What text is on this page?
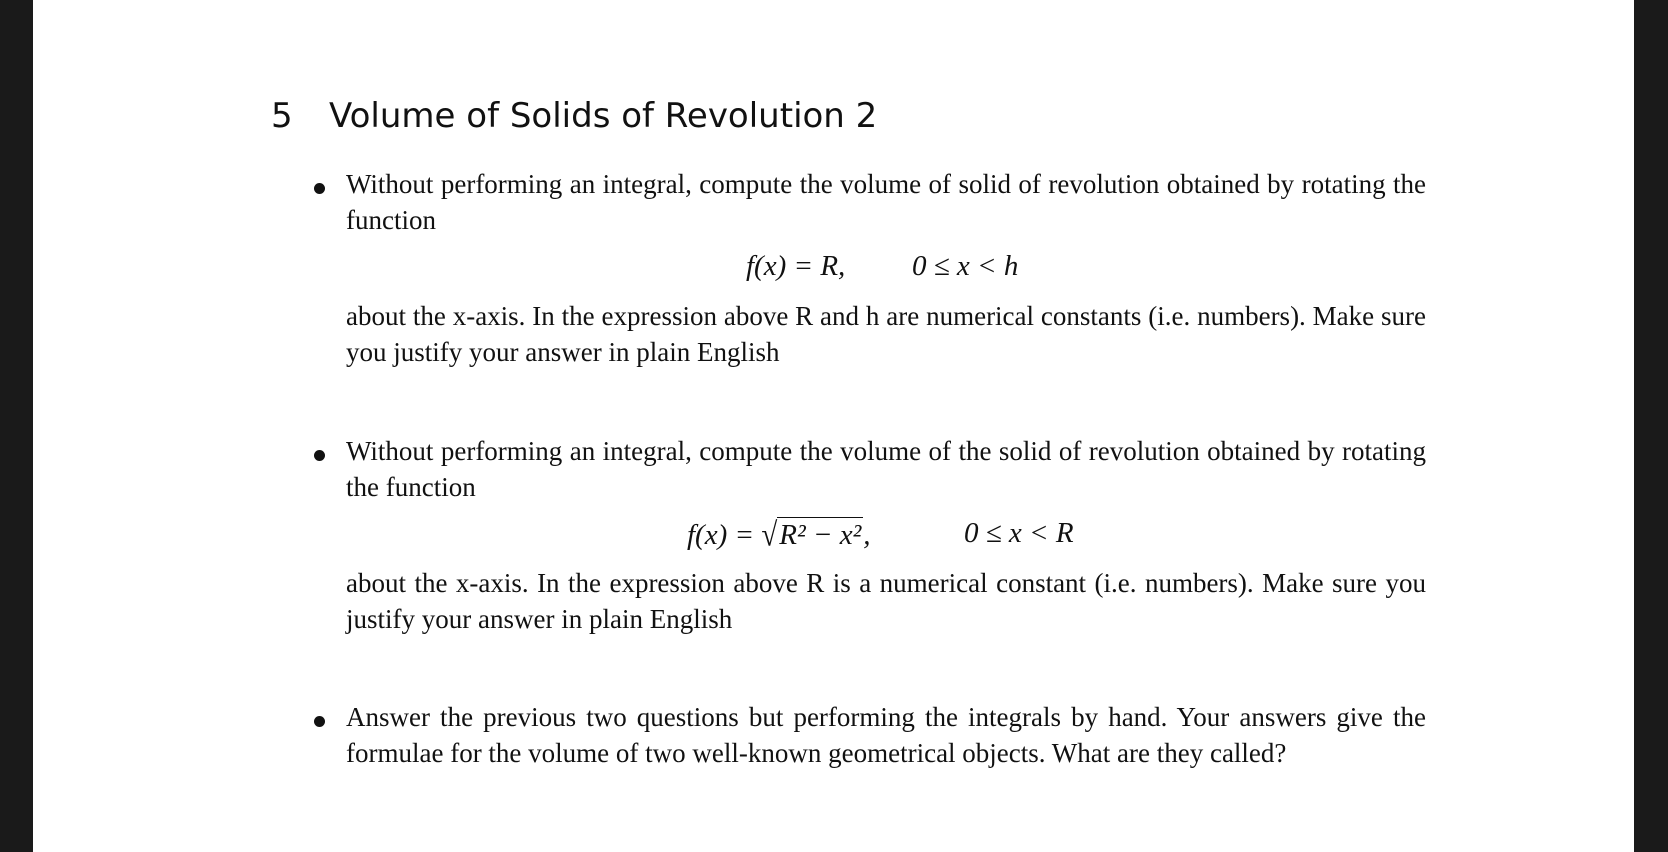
5 Volume of Solids of Revolution 2

Without performing an integral, compute the volume of solid of revolution obtained by rotating the function

f(x) = R, 0 ≤ x < h

about the x-axis. In the expression above R and h are numerical constants (i.e. numbers). Make sure you justify your answer in plain English

Without performing an integral, compute the volume of the solid of revolution obtained by rotating the function

f(x) = √R² − x²,	0 ≤ x < R

about the x-axis. In the expression above R is a numerical constant (i.e. numbers). Make sure you justify your answer in plain English

Answer the previous two questions but performing the integrals by hand. Your answers give the formulae for the volume of two well-known geometrical objects. What are they called?
